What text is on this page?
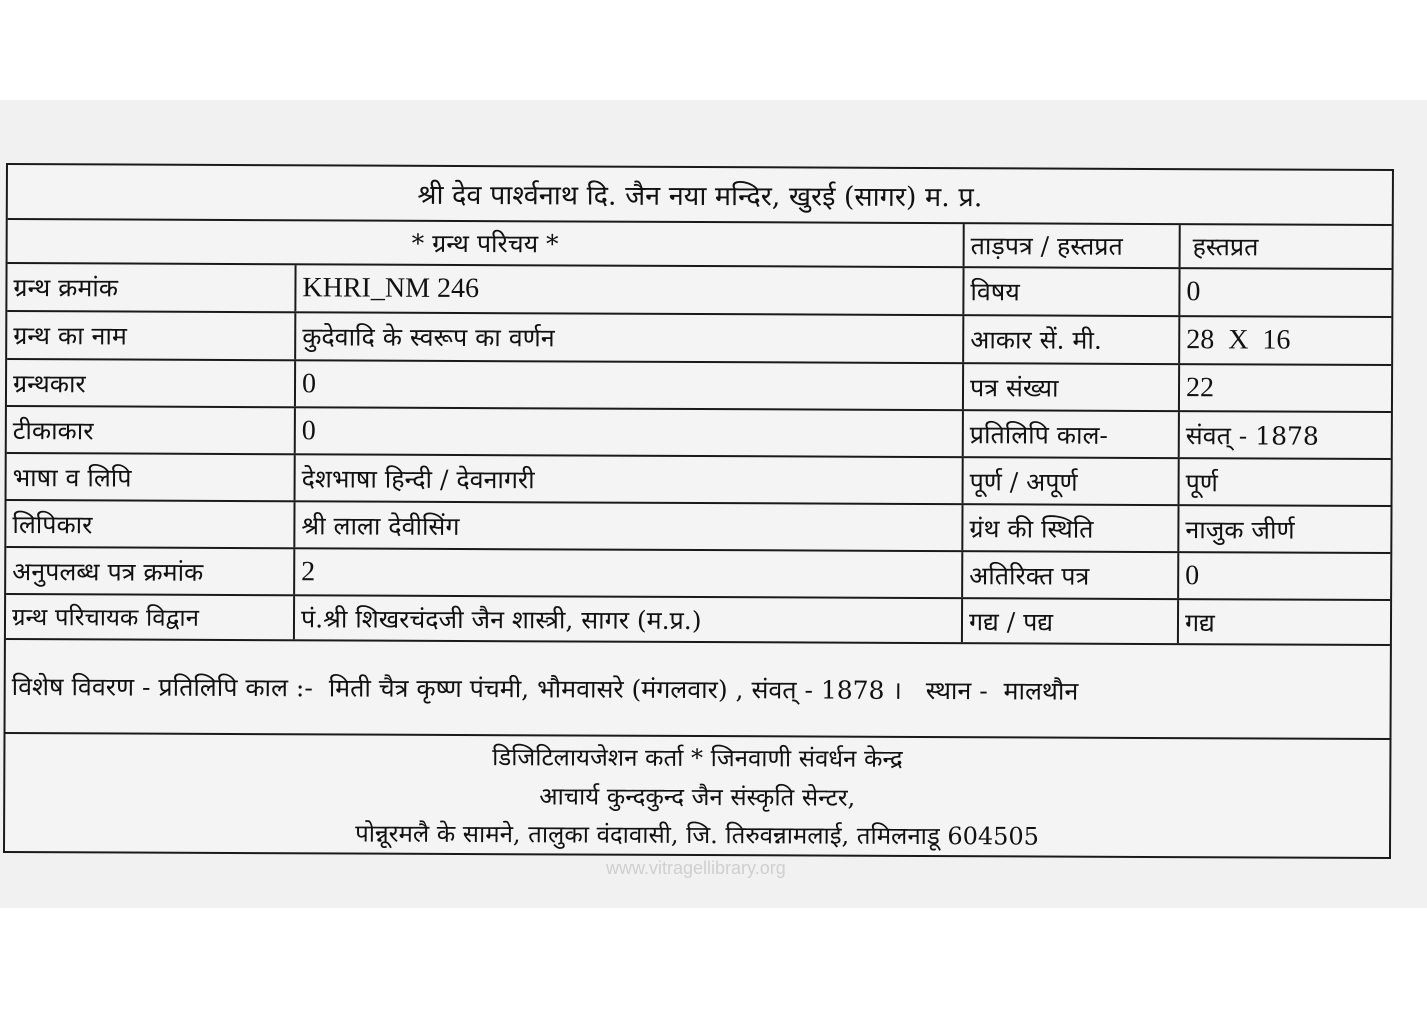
श्री देव पार्श्वनाथ दि. जैन नया मन्दिर, खुरई (सागर) म. प्र.
* ग्रन्थ परिचय *	ताड़पत्र / हस्तप्रत	हस्तप्रत
ग्रन्थ क्रमांक	KHRI_NM 246	विषय	0
ग्रन्थ का नाम	कुदेवादि के स्वरूप का वर्णन	आकार सें. मी.	28  X  16
ग्रन्थकार	0	पत्र संख्या	22
टीकाकार	0	प्रतिलिपि काल-	संवत् - 1878
भाषा व लिपि	देशभाषा हिन्दी / देवनागरी	पूर्ण / अपूर्ण	पूर्ण
लिपिकार	श्री लाला देवीसिंग	ग्रंथ की स्थिति	नाजुक जीर्ण
अनुपलब्ध पत्र क्रमांक	2	अतिरिक्त पत्र	0
ग्रन्थ परिचायक विद्वान	पं.श्री शिखरचंदजी जैन शास्त्री, सागर (म.प्र.)	गद्य / पद्य	गद्य
विशेष विवरण - प्रतिलिपि काल :-  मिती चैत्र कृष्ण पंचमी, भौमवासरे (मंगलवार) , संवत् - 1878 ।   स्थान -  मालथौन
डिजिटिलायजेशन कर्ता * जिनवाणी संवर्धन केन्द्र
आचार्य कुन्दकुन्द जैन संस्कृति सेन्टर,
पोन्नूरमलै के सामने, तालुका वंदावासी, जि. तिरुवन्नामलाई, तमिलनाडू 604505
www.vitragellibrary.org
